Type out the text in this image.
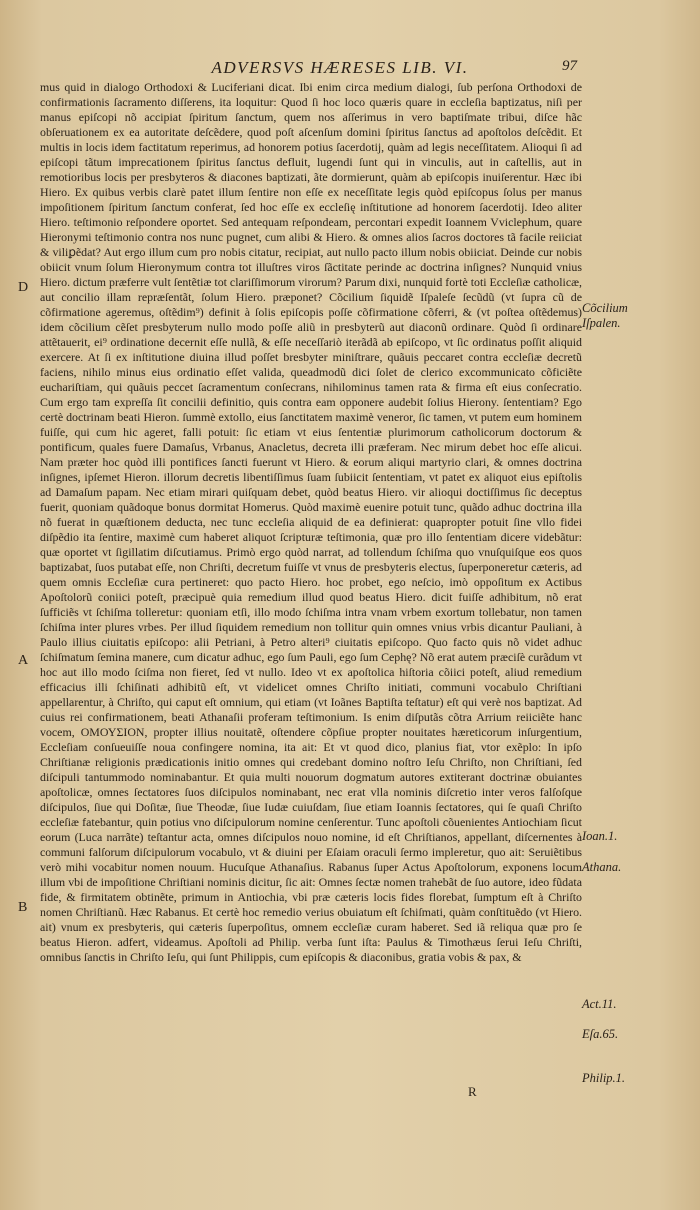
ADVERSVS HÆRESES LIB. VI.	97

mus quid in dialogo Orthodoxi & Luciferiani dicat. Ibi enim circa medium dialogi, ſub perſona Orthodoxi de confirmationis ſacramento diſſerens, ita loquitur: Quod ſi hoc loco quæris quare in eccleſia baptizatus, niſi per manus epiſcopi nõ accipiat ſpiritum ſanctum, quem nos aſſerimus in vero baptiſmate tribui, diſce hãc obſeruationem ex ea autoritate deſcẽdere, quod poſt aſcenſum domini ſpiritus ſanctus ad apoſtolos deſcẽdit. Et multis in locis idem factitatum reperimus, ad honorem potius ſacerdotij, quàm ad legis neceſſitatem. Alioqui ſi ad epiſcopi tãtum imprecationem ſpiritus ſanctus defluit, lugendi ſunt qui in vinculis, aut in caſtellis, aut in remotioribus locis per presbyteros & diacones baptizati, ãte dormierunt, quàm ab epiſcopis inuiſerentur. Hæc ibi Hiero. Ex quibus verbis clarè patet illum ſentire non eſſe ex neceſſitate legis quòd epiſcopus ſolus per manus impoſitionem ſpiritum ſanctum conferat, ſed hoc eſſe ex eccleſię inſtitutione ad honorem ſacerdotij. Ideo aliter Hiero. teſtimonio reſpondere oportet. Sed antequam reſpondeam, percontari expedit Ioannem Vviclephum, quare Hieronymi teſtimonio contra nos nunc pugnet, cum alibi & Hiero. & omnes alios ſacros doctores tã facile reiiciat & viliꝑẽdat? Aut ergo illum cum pro nobis citatur, recipiat, aut nullo pacto illum nobis obiiciat. Deinde cur nobis obiicit vnum ſolum Hieronymum contra tot illuſtres viros ſãctitate perinde ac doctrina inſignes? Nunquid vnius Hiero. dictum præferre vult ſentẽtiæ tot clariſſimorum virorum? Parum dixi, nunquid fortè toti Eccleſiæ catholicæ, aut concilio illam repræſentãt, ſolum Hiero. præponet? Cõcilium ſiquidẽ Iſpaleſe ſecũdũ (vt ſupra cũ de cõfirmatione ageremus, oſtẽdim⁹) definit à ſolis epiſcopis poſſe cõfirmatione cõferri, & (vt poſtea oſtẽdemus) idem cõcilium cẽſet presbyterum nullo modo poſſe aliũ in presbyterũ aut diaconũ ordinare. Quòd ſi ordinare attẽtauerit, ei⁹ ordinatione decernit eſſe nullã, & eſſe neceſſariò iterãdã ab epiſcopo, vt ſic ordinatus poſſit aliquid exercere. At ſi ex inſtitutione diuina illud poſſet bresbyter miniſtrare, quãuis peccaret contra eccleſiæ decretũ faciens, nihilo minus eius ordinatio eſſet valida, queadmodũ dici ſolet de clerico excommunicato cõficiẽte euchariſtiam, qui quãuis peccet ſacramentum conſecrans, nihilominus tamen rata & firma eſt eius conſecratio. Cum ergo tam expreſſa ſit concilii definitio, quis contra eam opponere audebit ſolius Hierony. ſententiam? Ego certè doctrinam beati Hieron. ſummè extollo, eius ſanctitatem maximè veneror, ſic tamen, vt putem eum hominem fuiſſe, qui cum hic ageret, falli potuit: ſic etiam vt eius ſententiæ plurimorum catholicorum doctorum & pontificum, quales fuere Damaſus, Vrbanus, Anacletus, decreta illi præferam. Nec mirum debet hoc eſſe alicui. Nam præter hoc quòd illi pontifices ſancti fuerunt vt Hiero. & eorum aliqui martyrio clari, & omnes doctrina inſignes, ipſemet Hieron. illorum decretis libentiſſimus ſuam ſubiicit ſententiam, vt patet ex aliquot eius epiſtolis ad Damaſum papam. Nec etiam mirari quiſquam debet, quòd beatus Hiero. vir alioqui doctiſſimus ſic deceptus fuerit, quoniam quãdoque bonus dormitat Homerus. Quòd maximè euenire potuit tunc, quãdo adhuc doctrina illa nõ fuerat in quæſtionem deducta, nec tunc eccleſia aliquid de ea definierat: quapropter potuit ſine vllo fidei diſpẽdio ita ſentire, maximè cum haberet aliquot ſcripturæ teſtimonia, quæ pro illo ſententiam dicere videbãtur: quæ oportet vt ſigillatim diſcutiamus. Primò ergo quòd narrat, ad tollendum ſchiſma quo vnuſquiſque eos quos baptizabat, ſuos putabat eſſe, non Chriſti, decretum fuiſſe vt vnus de presbyteris electus, ſuperponeretur cæteris, ad quem omnis Eccleſiæ cura pertineret: quo pacto Hiero. hoc probet, ego neſcio, imò oppoſitum ex Actibus Apoſtolorũ coniici poteſt, præcipuè quia remedium illud quod beatus Hiero. dicit fuiſſe adhibitum, nõ erat ſufficiẽs vt ſchiſma tolleretur: quoniam etſi, illo modo ſchiſma intra vnam vrbem exortum tollebatur, non tamen ſchiſma inter plures vrbes. Per illud ſiquidem remedium non tollitur quin omnes vnius vrbis dicantur Pauliani, à Paulo illius ciuitatis epiſcopo: alii Petriani, à Petro alteri⁹ ciuitatis epiſcopo. Quo facto quis nõ videt adhuc ſchiſmatum ſemina manere, cum dicatur adhuc, ego ſum Pauli, ego ſum Cephę? Nõ erat autem præciſè curãdum vt hoc aut illo modo ſciſma non fieret, ſed vt nullo. Ideo vt ex apoſtolica hiſtoria cõiici poteſt, aliud remedium efficacius illi ſchiſinati adhibitũ eſt, vt videlicet omnes Chriſto initiati, communi vocabulo Chriſtiani appellarentur, à Chriſto, qui caput eſt omnium, qui etiam (vt Ioãnes Baptiſta teſtatur) eſt qui verè nos baptizat. Ad cuius rei confirmationem, beati Athanaſii proferam teſtimonium. Is enim diſputãs cõtra Arrium reiiciẽte hanc vocem, ΟΜΟΥΣΙΟΝ, propter illius nouitatẽ, oſtendere cõpſiue propter nouitates hæreticorum inſurgentium, Eccleſiam conſueuiſſe noua confingere nomina, ita ait: Et vt quod dico, planius fiat, vtor exẽplo: In ipſo Chriſtianæ religionis prædicationis initio omnes qui credebant domino noſtro Ieſu Chriſto, non Chriſtiani, ſed diſcipuli tantummodo nominabantur. Et quia multi nouorum dogmatum autores extiterant doctrinæ obuiantes apoſtolicæ, omnes ſectatores ſuos diſcipulos nominabant, nec erat vlla nominis diſcretio inter veros falſoſque diſcipulos, ſiue qui Doſitæ, ſiue Theodæ, ſiue Iudæ cuiuſdam, ſiue etiam Ioannis ſectatores, qui ſe quaſi Chriſto eccleſiæ fatebantur, quin potius vno diſcipulorum nomine cenſerentur. Tunc apoſtoli cõuenientes Antiochiam ſicut eorum (Luca narrãte) teſtantur acta, omnes diſcipulos nouo nomine, id eſt Chriſtianos, appellant, diſcernentes à communi falſorum diſcipulorum vocabulo, vt & diuini per Eſaiam oraculi ſermo impleretur, quo ait: Seruiẽtibus verò mihi vocabitur nomen nouum. Hucuſque Athanaſius. Rabanus ſuper Actus Apoſtolorum, exponens locum illum vbi de impoſitione Chriſtiani nominis dicitur, ſic ait: Omnes ſectæ nomen trahebãt de ſuo autore, ideo fũdata fide, & firmitatem obtinẽte, primum in Antiochia, vbi præ cæteris locis fides florebat, ſumptum eſt à Chriſto nomen Chriſtianũ. Hæc Rabanus. Et certè hoc remedio verius obuiatum eſt ſchiſmati, quàm conſtituẽdo (vt Hiero. ait) vnum ex presbyteris, qui cæteris ſuperpoſitus, omnem eccleſiæ curam haberet. Sed iã reliqua quæ pro ſe beatus Hieron. adfert, videamus. Apoſtoli ad Philip. verba ſunt iſta: Paulus & Timothæus ſerui Ieſu Chriſti, omnibus ſanctis in Chriſto Ieſu, qui ſunt Philippis, cum epiſcopis & diaconibus, gratia vobis & pax, &

D
A
B
Cõcilium
Iſpalen.
Ioan.1.
Athana.
Act.11.
Eſa.65.
Philip.1.
R
